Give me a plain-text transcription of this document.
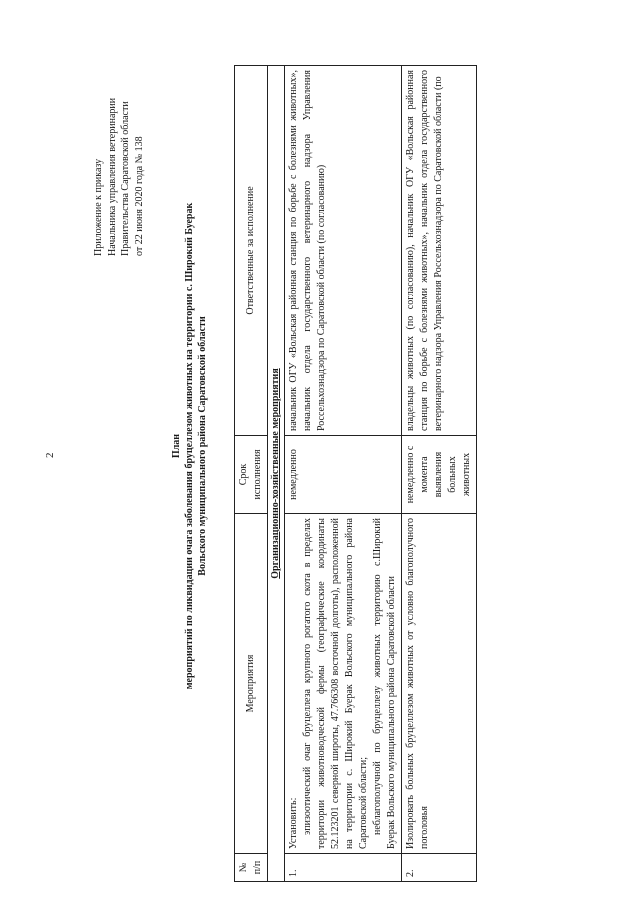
2
Приложение к приказу Начальника управления ветеринарии Правительства Саратовской области от 22 июня 2020 года № 138
План мероприятий по ликвидации очага заболевания бруцеллезом животных на территории с. Широкий Буерак Вольского муниципального района Саратовской области
№ п/п	Мероприятия	Срок исполнения	Ответственные за исполнение
Организационно-хозяйственные мероприятия			
1.	Установить: эпизоотический очаг бруцеллеза крупного рогатого скота в пределах территории животноводческой фермы (географические координаты 52.123201 северной широты, 47.766308 восточной долготы), расположенной на территории с. Широкий Буерак Вольского муниципального района Саратовской области; неблагополучной по бруцеллезу животных территорию с.Широкий Буерак Вольского муниципального района Саратовской области	немедленно	начальник ОГУ «Вольская районная станция по борьбе с болезнями животных», начальник отдела государственного ветеринарного надзора Управления Россельхознадзора по Саратовской области (по согласованию)
2.	Изолировать больных бруцеллезом животных от условно благополучного поголовья	немедленно с момента выявления больных животных	владельцы животных (по согласованию), начальник ОГУ «Вольская районная станция по борьбе с болезнями животных», начальник отдела государственного ветеринарного надзора Управления Россельхознадзора по Саратовской области (по
